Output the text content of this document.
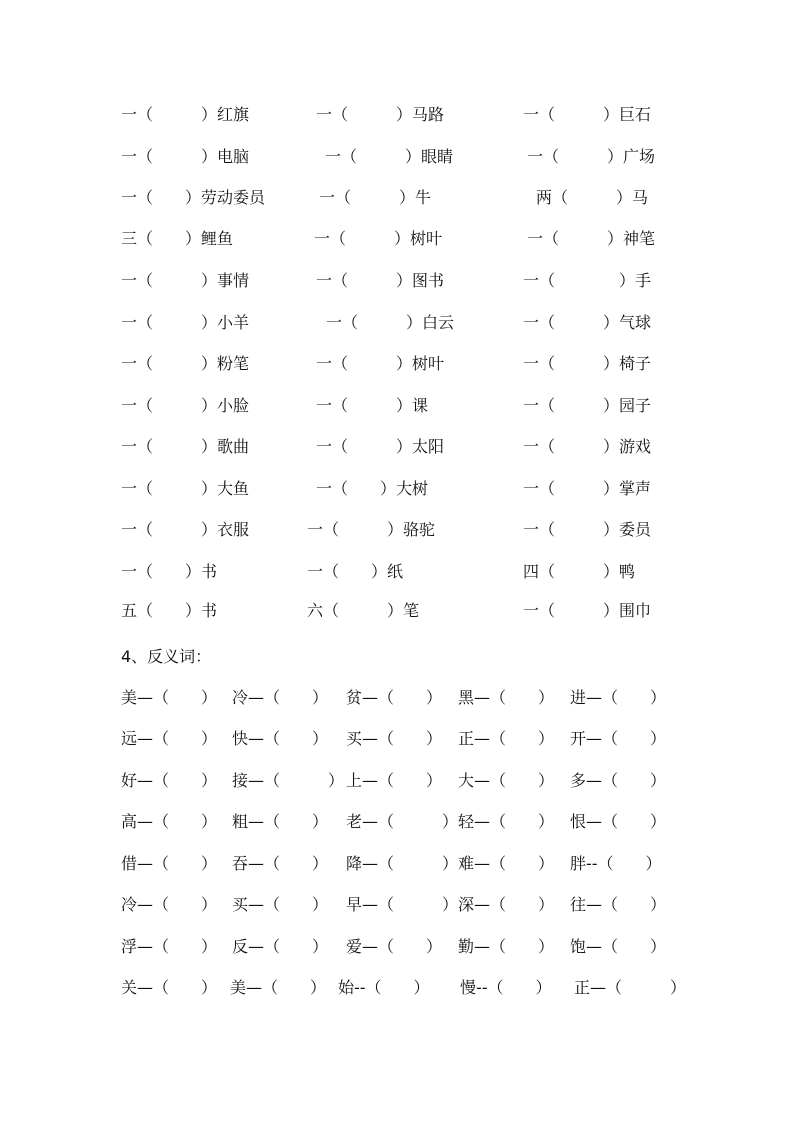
一（　　　）红旗	一（　　　）马路	一（　　　）巨石
一（　　　）电脑	一（　　　）眼睛	一（　　　）广场
一（　　）劳动委员	一（　　　）牛	两（　　　）马
三（　　）鲤鱼	一（　　　）树叶	一（　　　）神笔
一（　　　）事情	一（　　　）图书	一（　　　　）手
一（　　　）小羊	一（　　　）白云	一（　　　）气球
一（　　　）粉笔	一（　　　）树叶	一（　　　）椅子
一（　　　）小脸	一（　　　）课	一（　　　）园子
一（　　　）歌曲	一（　　　）太阳	一（　　　）游戏
一（　　　）大鱼	一（　　）大树	一（　　　）掌声
一（　　　）衣服	一（　　　）骆驼	一（　　　）委员
一（　　）书	一（　　）纸	四（　　　）鸭
五（　　）书	六（　　　）笔	一（　　　）围巾
4、反义词：
美—（　　） 冷—（　　） 贫—（　　） 黑—（　　） 进—（　　）
远—（　　） 快—（　　） 买—（　　） 正—（　　） 开—（　　）
好—（　　） 接—（　　　） 上—（　　） 大—（　　） 多—（　　）
高—（　　） 粗—（　　） 老—（　　　） 轻—（　　） 恨—（　　）
借—（　　） 吞—（　　） 降—（　　　） 难—（　　） 胖--（　　）
冷—（　　） 买—（　　） 早—（　　　） 深—（　　） 往—（　　）
浮—（　　） 反—（　　） 爱—（　　） 勤—（　　） 饱—（　　）
关—（　　） 美—（　　） 始--（　　） 慢--（　　） 正—（　　　）
